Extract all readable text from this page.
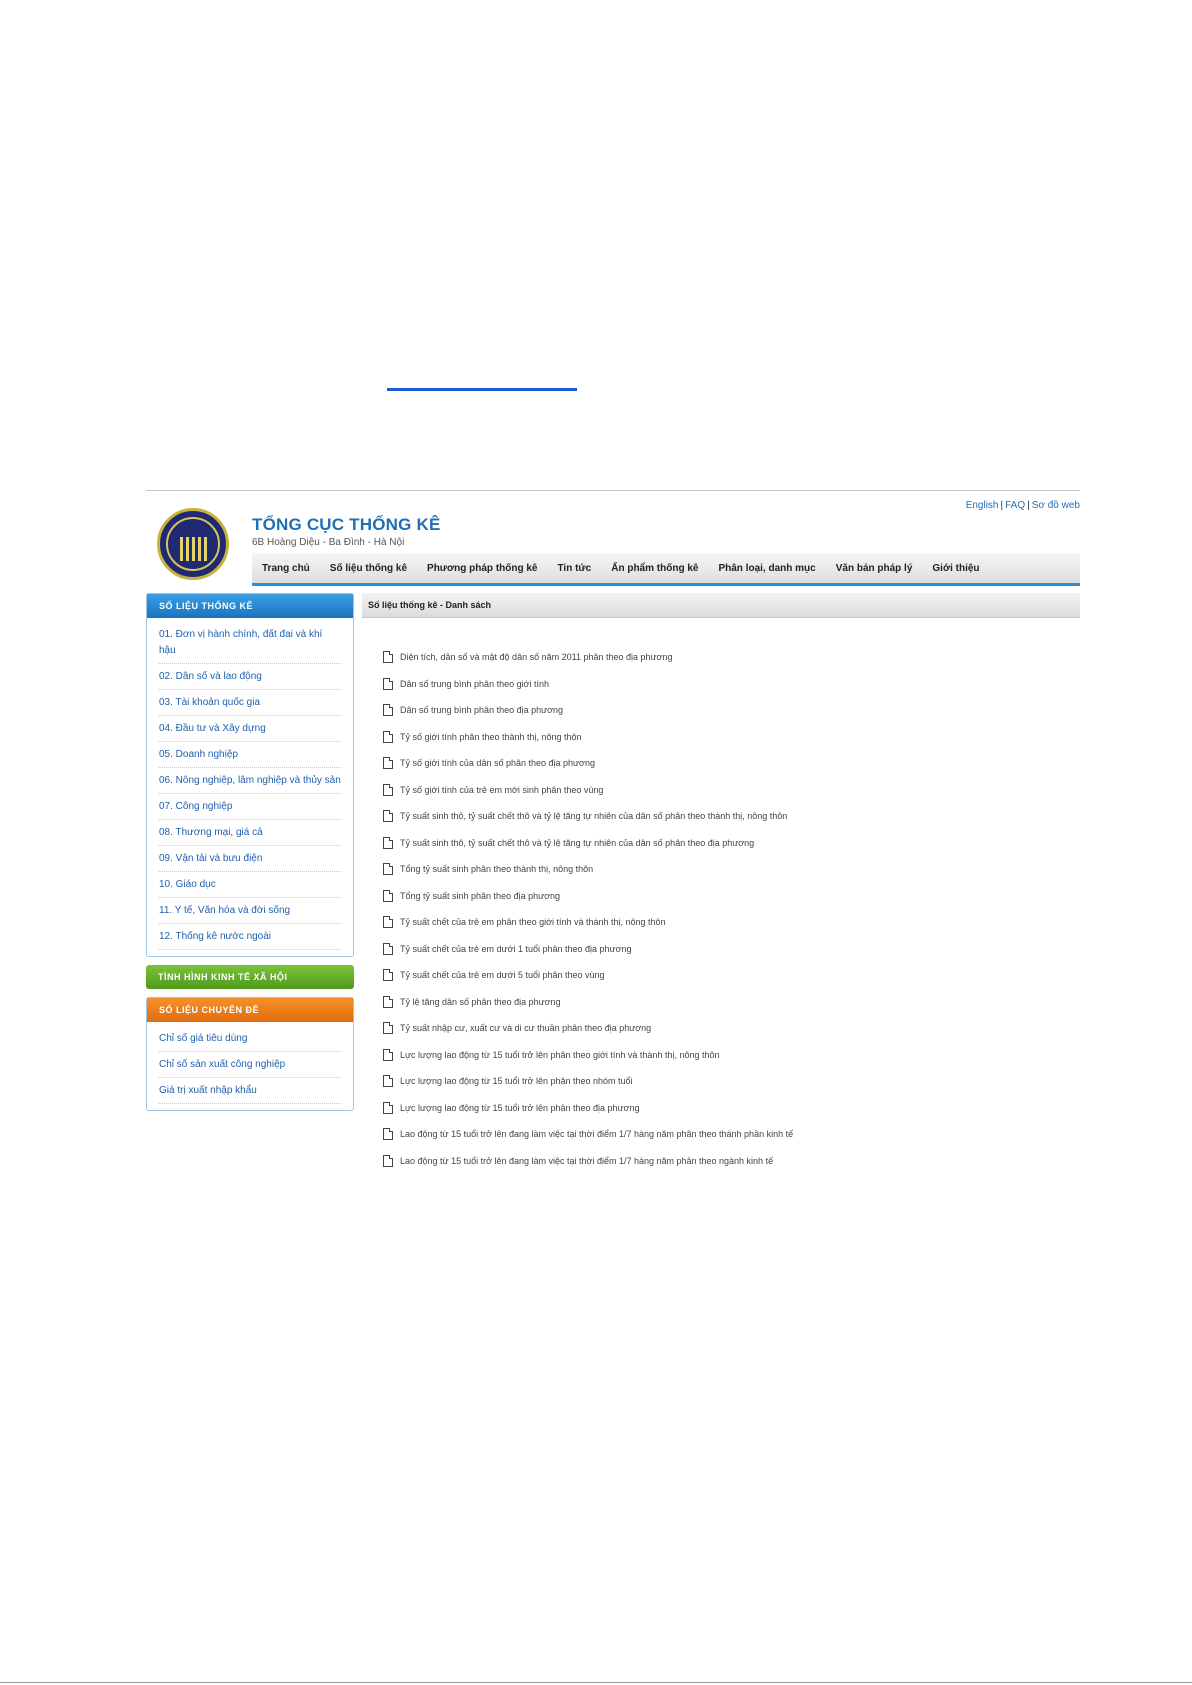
TỔNG CỤC THỐNG KÊ
6B Hoàng Diệu - Ba Đình - Hà Nội
English | FAQ | Sơ đồ web
Trang chủ	Số liệu thống kê	Phương pháp thống kê	Tin tức	Ấn phẩm thống kê	Phân loại, danh mục	Văn bản pháp lý	Giới thiệu
SỐ LIỆU THỐNG KÊ
01. Đơn vị hành chính, đất đai và khí hậu
02. Dân số và lao động
03. Tài khoản quốc gia
04. Đầu tư và Xây dựng
05. Doanh nghiệp
06. Nông nghiệp, lâm nghiệp và thủy sản
07. Công nghiệp
08. Thương mại, giá cả
09. Vận tải và bưu điện
10. Giáo dục
11. Y tế, Văn hóa và đời sống
12. Thống kê nước ngoài
TÌNH HÌNH KINH TẾ XÃ HỘI
SỐ LIỆU CHUYÊN ĐỀ
Chỉ số giá tiêu dùng
Chỉ số sản xuất công nghiệp
Giá trị xuất nhập khẩu
Số liệu thống kê - Danh sách
Diện tích, dân số và mật độ dân số năm 2011 phân theo địa phương
Dân số trung bình phân theo giới tính
Dân số trung bình phân theo địa phương
Tỷ số giới tính phân theo thành thị, nông thôn
Tỷ số giới tính của dân số phân theo địa phương
Tỷ số giới tính của trẻ em mới sinh phân theo vùng
Tỷ suất sinh thô, tỷ suất chết thô và tỷ lệ tăng tự nhiên của dân số phân theo thành thị, nông thôn
Tỷ suất sinh thô, tỷ suất chết thô và tỷ lệ tăng tự nhiên của dân số phân theo địa phương
Tổng tỷ suất sinh phân theo thành thị, nông thôn
Tổng tỷ suất sinh phân theo địa phương
Tỷ suất chết của trẻ em phân theo giới tính và thành thị, nông thôn
Tỷ suất chết của trẻ em dưới 1 tuổi phân theo địa phương
Tỷ suất chết của trẻ em dưới 5 tuổi phân theo vùng
Tỷ lệ tăng dân số phân theo địa phương
Tỷ suất nhập cư, xuất cư và di cư thuần phân theo địa phương
Lực lượng lao động từ 15 tuổi trở lên phân theo giới tính và thành thị, nông thôn
Lực lượng lao động từ 15 tuổi trở lên phân theo nhóm tuổi
Lực lượng lao động từ 15 tuổi trở lên phân theo địa phương
Lao động từ 15 tuổi trở lên đang làm việc tại thời điểm 1/7 hàng năm phân theo thành phần kinh tế
Lao động từ 15 tuổi trở lên đang làm việc tại thời điểm 1/7 hàng năm phân theo ngành kinh tế
